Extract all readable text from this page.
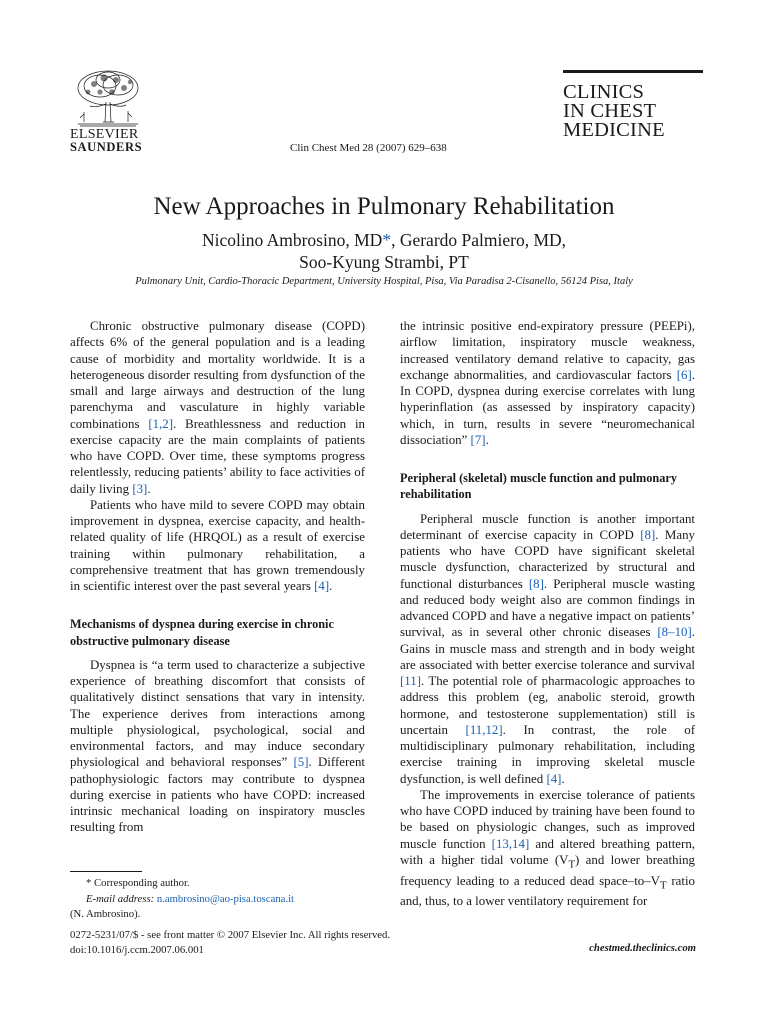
ELSEVIER
SAUNDERS
CLINICS
IN CHEST
MEDICINE
Clin Chest Med 28 (2007) 629–638
New Approaches in Pulmonary Rehabilitation
Nicolino Ambrosino, MD*, Gerardo Palmiero, MD,
Soo-Kyung Strambi, PT
Pulmonary Unit, Cardio-Thoracic Department, University Hospital, Pisa, Via Paradisa 2-Cisanello, 56124 Pisa, Italy

Chronic obstructive pulmonary disease (COPD) affects 6% of the general population and is a leading cause of morbidity and mortality worldwide. It is a heterogeneous disorder resulting from dysfunction of the small and large airways and destruction of the lung parenchyma and vasculature in highly variable combinations [1,2]. Breathlessness and reduction in exercise capacity are the main complaints of patients who have COPD. Over time, these symptoms progress relentlessly, reducing patients’ ability to face activities of daily living [3].

Patients who have mild to severe COPD may obtain improvement in dyspnea, exercise capacity, and health-related quality of life (HRQOL) as a result of exercise training within pulmonary rehabilitation, a comprehensive treatment that has grown tremendously in scientific interest over the past several years [4].

Mechanisms of dyspnea during exercise in chronic obstructive pulmonary disease

Dyspnea is “a term used to characterize a subjective experience of breathing discomfort that consists of qualitatively distinct sensations that vary in intensity. The experience derives from interactions among multiple physiological, psychological, social and environmental factors, and may induce secondary physiological and behavioral responses” [5]. Different pathophysiologic factors may contribute to dyspnea during exercise in patients who have COPD: increased intrinsic mechanical loading on inspiratory muscles resulting from

the intrinsic positive end-expiratory pressure (PEEPi), airflow limitation, inspiratory muscle weakness, increased ventilatory demand relative to capacity, gas exchange abnormalities, and cardiovascular factors [6]. In COPD, dyspnea during exercise correlates with lung hyperinflation (as assessed by inspiratory capacity) which, in turn, results in severe “neuromechanical dissociation” [7].

Peripheral (skeletal) muscle function and pulmonary rehabilitation

Peripheral muscle function is another important determinant of exercise capacity in COPD [8]. Many patients who have COPD have significant skeletal muscle dysfunction, characterized by structural and functional disturbances [8]. Peripheral muscle wasting and reduced body weight also are common findings in advanced COPD and have a negative impact on patients’ survival, as in several other chronic diseases [8–10]. Gains in muscle mass and strength and in body weight are associated with better exercise tolerance and survival [11]. The potential role of pharmacologic approaches to address this problem (eg, anabolic steroid, growth hormone, and testosterone supplementation) still is uncertain [11,12]. In contrast, the role of multidisciplinary pulmonary rehabilitation, including exercise training in improving skeletal muscle dysfunction, is well defined [4].

The improvements in exercise tolerance of patients who have COPD induced by training have been found to be based on physiologic changes, such as improved muscle function [13,14] and altered breathing pattern, with a higher tidal volume $(V_T)$ and lower breathing frequency leading to a reduced dead space–$to-V_T$ ratio and, thus, to a lower ventilatory requirement for

* Corresponding author.
E-mail address: n.ambrosino@ao-pisa.toscana.it
(N. Ambrosino).
0272-5231/07/$ - see front matter © 2007 Elsevier Inc. All rights reserved.
doi:10.1016/j.ccm.2007.06.001	chestmed.theclinics.com
